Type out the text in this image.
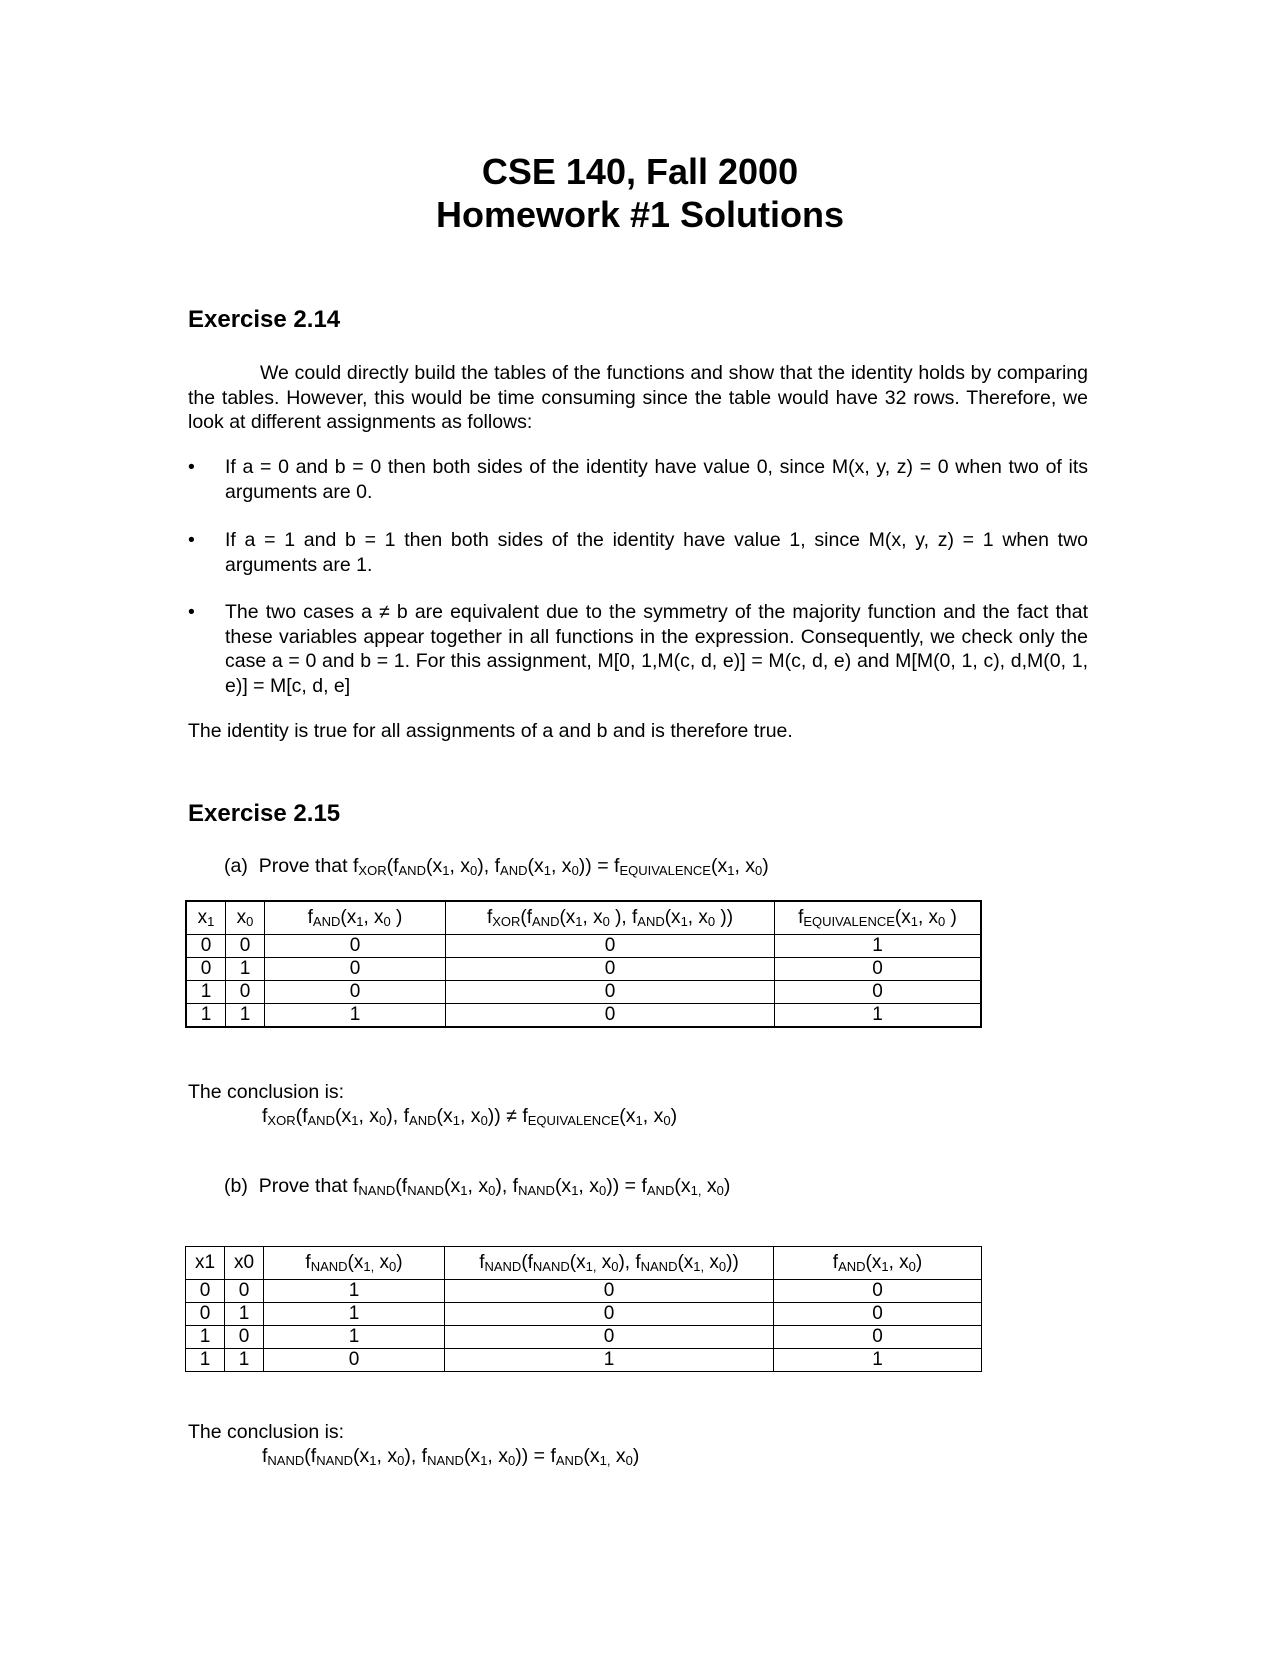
CSE 140, Fall 2000
Homework #1 Solutions
Exercise 2.14
We could directly build the tables of the functions and show that the identity holds by comparing the tables. However, this would be time consuming since the table would have 32 rows. Therefore, we look at different assignments as follows:
•	If a = 0 and b = 0 then both sides of the identity have value 0, since M(x, y, z) = 0 when two of its arguments are 0.
•	If a = 1 and b = 1 then both sides of the identity have value 1, since M(x, y, z) = 1 when two arguments are 1.
•	The two cases a ≠ b are equivalent due to the symmetry of the majority function and the fact that these variables appear together in all functions in the expression. Consequently, we check only the case a = 0 and b = 1. For this assignment, M[0, 1,M(c, d, e)] = M(c, d, e) and M[M(0, 1, c), d,M(0, 1, e)] = M[c, d, e]
The identity is true for all assignments of a and b and is therefore true.
Exercise 2.15
(a) Prove that $f_{XOR}(f_{AND}(x_1$, $x_0$), $f_{AND}(x_1$, $x_0)) = f_{EQUIVALENCE}(x_1$, $x_0$)
$x_1$	$x_0$	$f_{AND}(x_1$, $x_0$ )	$f_{XOR}(f_{AND}(x_1$, $x_0$ ), $f_{AND}(x_1$, $x_0$ ))	$f_{EQUIVALENCE}(x_1$, $x_0$ )
0	0	0	0	1
0	1	0	0	0
1	0	0	0	0
1	1	1	0	1
The conclusion is:
$f_{XOR}(f_{AND}(x_1$, $x_0$), $f_{AND}(x_1$, $x_0)) \ne f_{EQUIVALENCE}(x_1$, $x_0$)
(b) Prove that $f_{NAND}(f_{NAND}(x_1$, $x_0$), $f_{NAND}(x_1$, $x_0)) = f_{AND}(x_{1,}$ $x_0$)
x1	x0	$f_{NAND}(x_{1,}$ $x_0$)	$f_{NAND}(f_{NAND}(x_{1,}$ $x_0$), $f_{NAND}(x_{1,}$ $x_0$))	$f_{AND}(x_1$, $x_0$)
0	0	1	0	0
0	1	1	0	0
1	0	1	0	0
1	1	0	1	1
The conclusion is:
$f_{NAND}(f_{NAND}(x_1$, $x_0$), $f_{NAND}(x_1$, $x_0)) = f_{AND}(x_{1,}$ $x_0$)
